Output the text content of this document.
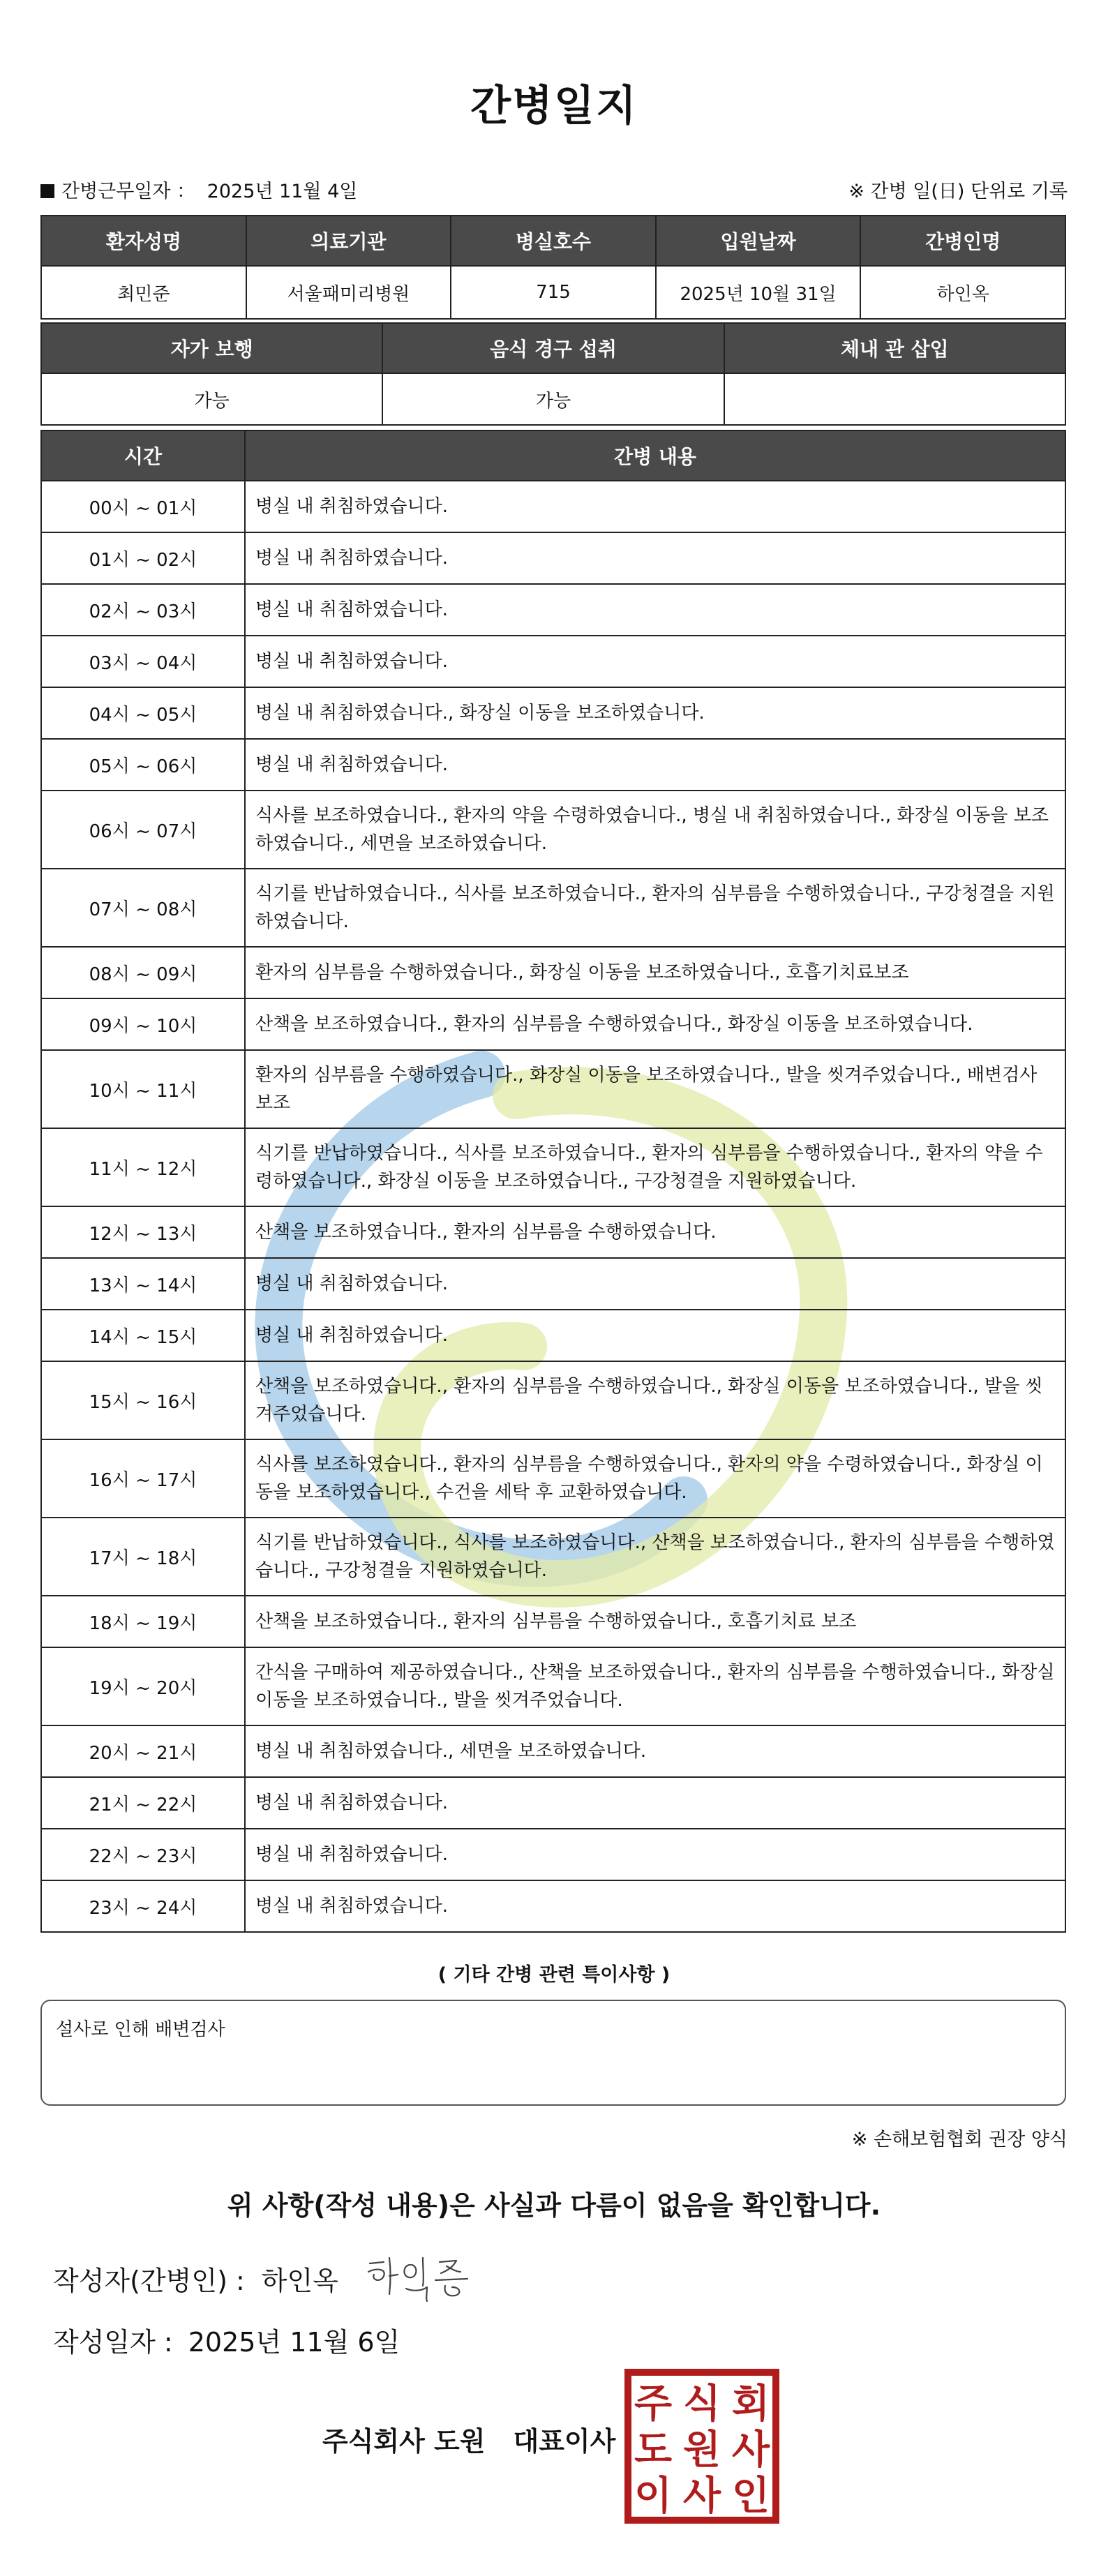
간병일지
간병근무일자 ： 2025년 11월 4일	※ 간병 일(日) 단위로 기록
환자성명	의료기관	병실호수	입원날짜	간병인명
최민준	서울패미리병원	715	2025년 10월 31일	하인옥
자가 보행	음식 경구 섭취	체내 관 삽입
가능	가능	
시간	간병 내용
00시 ~ 01시	병실 내 취침하였습니다.
01시 ~ 02시	병실 내 취침하였습니다.
02시 ~ 03시	병실 내 취침하였습니다.
03시 ~ 04시	병실 내 취침하였습니다.
04시 ~ 05시	병실 내 취침하였습니다., 화장실 이동을 보조하였습니다.
05시 ~ 06시	병실 내 취침하였습니다.
06시 ~ 07시	식사를 보조하였습니다., 환자의 약을 수령하였습니다., 병실 내 취침하였습니다., 화장실 이동을 보조하였습니다., 세면을 보조하였습니다.
07시 ~ 08시	식기를 반납하였습니다., 식사를 보조하였습니다., 환자의 심부름을 수행하였습니다., 구강청결을 지원하였습니다.
08시 ~ 09시	환자의 심부름을 수행하였습니다., 화장실 이동을 보조하였습니다., 호흡기치료보조
09시 ~ 10시	산책을 보조하였습니다., 환자의 심부름을 수행하였습니다., 화장실 이동을 보조하였습니다.
10시 ~ 11시	환자의 심부름을 수행하였습니다., 화장실 이동을 보조하였습니다., 발을 씻겨주었습니다., 배변검사 보조
11시 ~ 12시	식기를 반납하였습니다., 식사를 보조하였습니다., 환자의 심부름을 수행하였습니다., 환자의 약을 수령하였습니다., 화장실 이동을 보조하였습니다., 구강청결을 지원하였습니다.
12시 ~ 13시	산책을 보조하였습니다., 환자의 심부름을 수행하였습니다.
13시 ~ 14시	병실 내 취침하였습니다.
14시 ~ 15시	병실 내 취침하였습니다.
15시 ~ 16시	산책을 보조하였습니다., 환자의 심부름을 수행하였습니다., 화장실 이동을 보조하였습니다., 발을 씻겨주었습니다.
16시 ~ 17시	식사를 보조하였습니다., 환자의 심부름을 수행하였습니다., 환자의 약을 수령하였습니다., 화장실 이동을 보조하였습니다., 수건을 세탁 후 교환하였습니다.
17시 ~ 18시	식기를 반납하였습니다., 식사를 보조하였습니다., 산책을 보조하였습니다., 환자의 심부름을 수행하였습니다., 구강청결을 지원하였습니다.
18시 ~ 19시	산책을 보조하였습니다., 환자의 심부름을 수행하였습니다., 호흡기치료 보조
19시 ~ 20시	간식을 구매하여 제공하였습니다., 산책을 보조하였습니다., 환자의 심부름을 수행하였습니다., 화장실 이동을 보조하였습니다., 발을 씻겨주었습니다.
20시 ~ 21시	병실 내 취침하였습니다., 세면을 보조하였습니다.
21시 ~ 22시	병실 내 취침하였습니다.
22시 ~ 23시	병실 내 취침하였습니다.
23시 ~ 24시	병실 내 취침하였습니다.
( 기타 간병 관련 특이사항 )
설사로 인해 배변검사
※ 손해보험협회 권장 양식
위 사항(작성 내용)은 사실과 다름이 없음을 확인합니다.
작성자(간병인) : 하인옥
작성일자 : 2025년 11월 6일
주식회사 도원 대표이사
주 식 회
도 원 사
이 사 인
